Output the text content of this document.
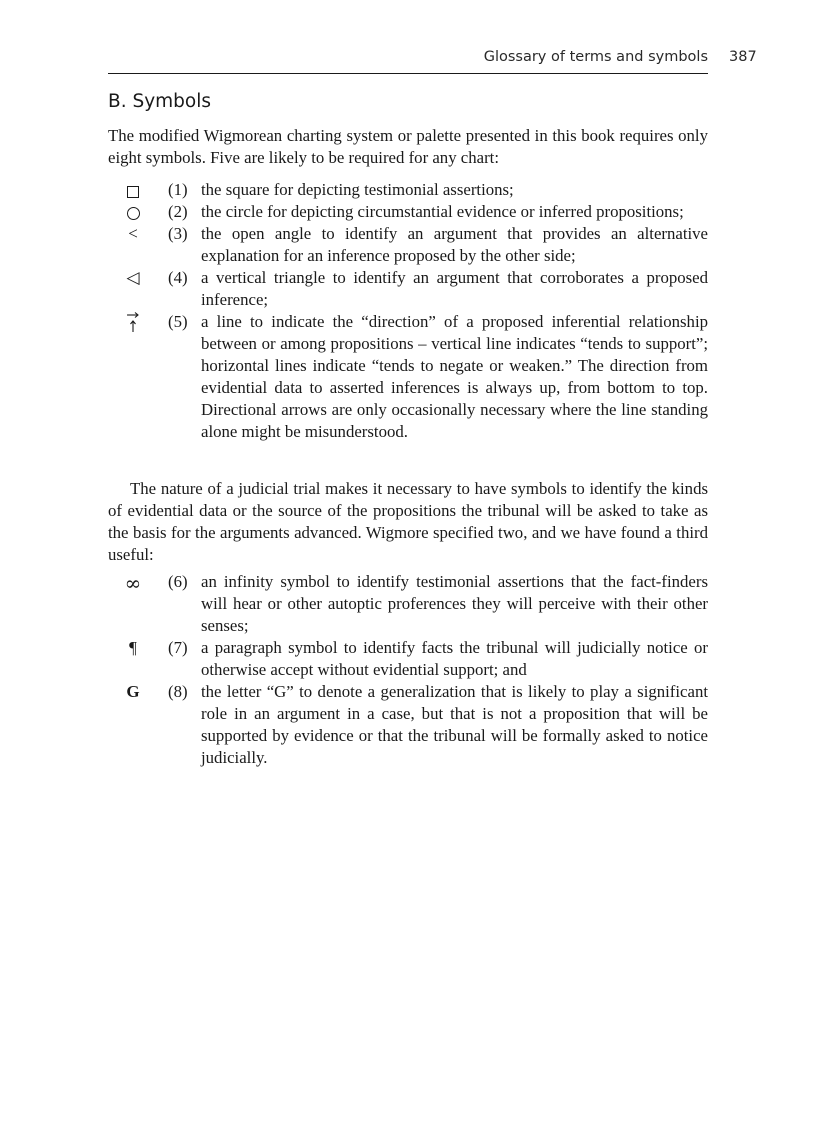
Glossary of terms and symbols 387
B. Symbols

The modified Wigmorean charting system or palette presented in this book requires only eight symbols. Five are likely to be required for any chart:

(1) the square for depicting testimonial assertions;
(2) the circle for depicting circumstantial evidence or inferred propositions;
<	(3) the open angle to identify an argument that provides an alternative explanation for an inference proposed by the other side;
◁ (4) a vertical triangle to identify an argument that corroborates a proposed inference;
(5) a line to indicate the “direction” of a proposed inferential relationship between or among propositions – vertical line indicates “tends to support”; horizontal lines indicate “tends to negate or weaken.” The direction from evidential data to asserted inferences is always up, from bottom to top. Directional arrows are only occasionally necessary where the line standing alone might be misunderstood.

The nature of a judicial trial makes it necessary to have symbols to identify the kinds of evidential data or the source of the propositions the tribunal will be asked to take as the basis for the arguments advanced. Wigmore specified two, and we have found a third useful:

∞ (6) an infinity symbol to identify testimonial assertions that the fact-finders will hear or other autoptic proferences they will perceive with their other senses;
¶	(7) a paragraph symbol to identify facts the tribunal will judicially notice or otherwise accept without evidential support; and
G (8) the letter “G” to denote a generalization that is likely to play a significant role in an argument in a case, but that is not a proposition that will be supported by evidence or that the tribunal will be formally asked to notice judicially.
